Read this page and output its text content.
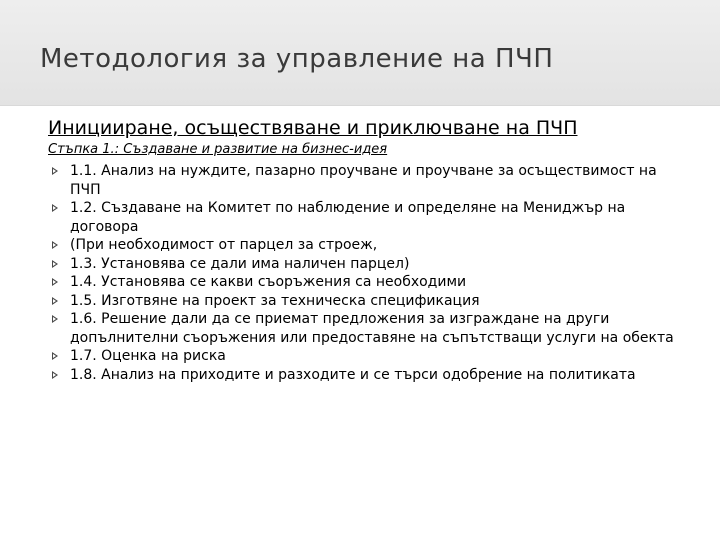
Методология за управление на ПЧП
Иницииране, осъществяване и приключване на ПЧП
Стъпка 1.: Създаване и развитие на бизнес-идея
1.1. Анализ на нуждите, пазарно проучване и проучване за осъществимост на ПЧП
1.2. Създаване на Комитет по наблюдение и определяне на Мениджър на договора
(При необходимост от парцел за строеж,
1.3. Установява се дали има наличен парцел)
1.4. Установява се какви съоръжения са необходими
1.5. Изготвяне на проект за техническа спецификация
1.6. Решение дали да се приемат предложения за изграждане на други допълнителни съоръжения или предоставяне на съпътстващи услуги на обекта
1.7. Оценка на риска
1.8. Анализ на приходите и разходите и се търси одобрение на политиката
